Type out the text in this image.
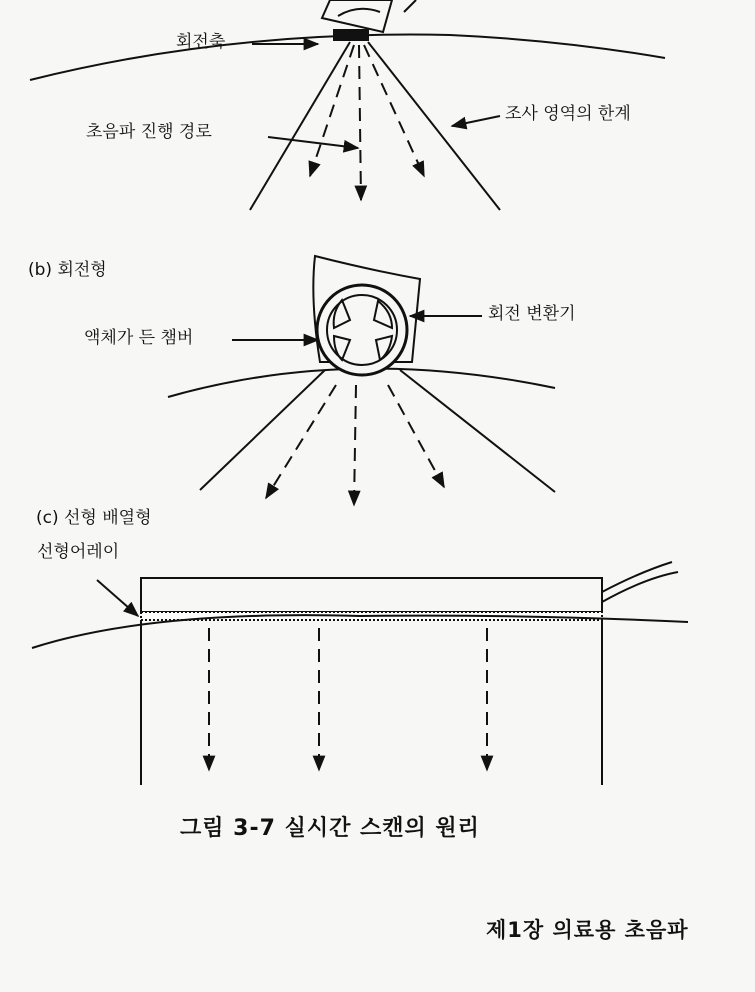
회전축
초음파 진행 경로
조사 영역의 한계
(b) 회전형
액체가 든 챔버
회전 변환기
(c) 선형 배열형
선형어레이
그림 3-7 실시간 스캔의 원리
제1장 의료용 초음파
